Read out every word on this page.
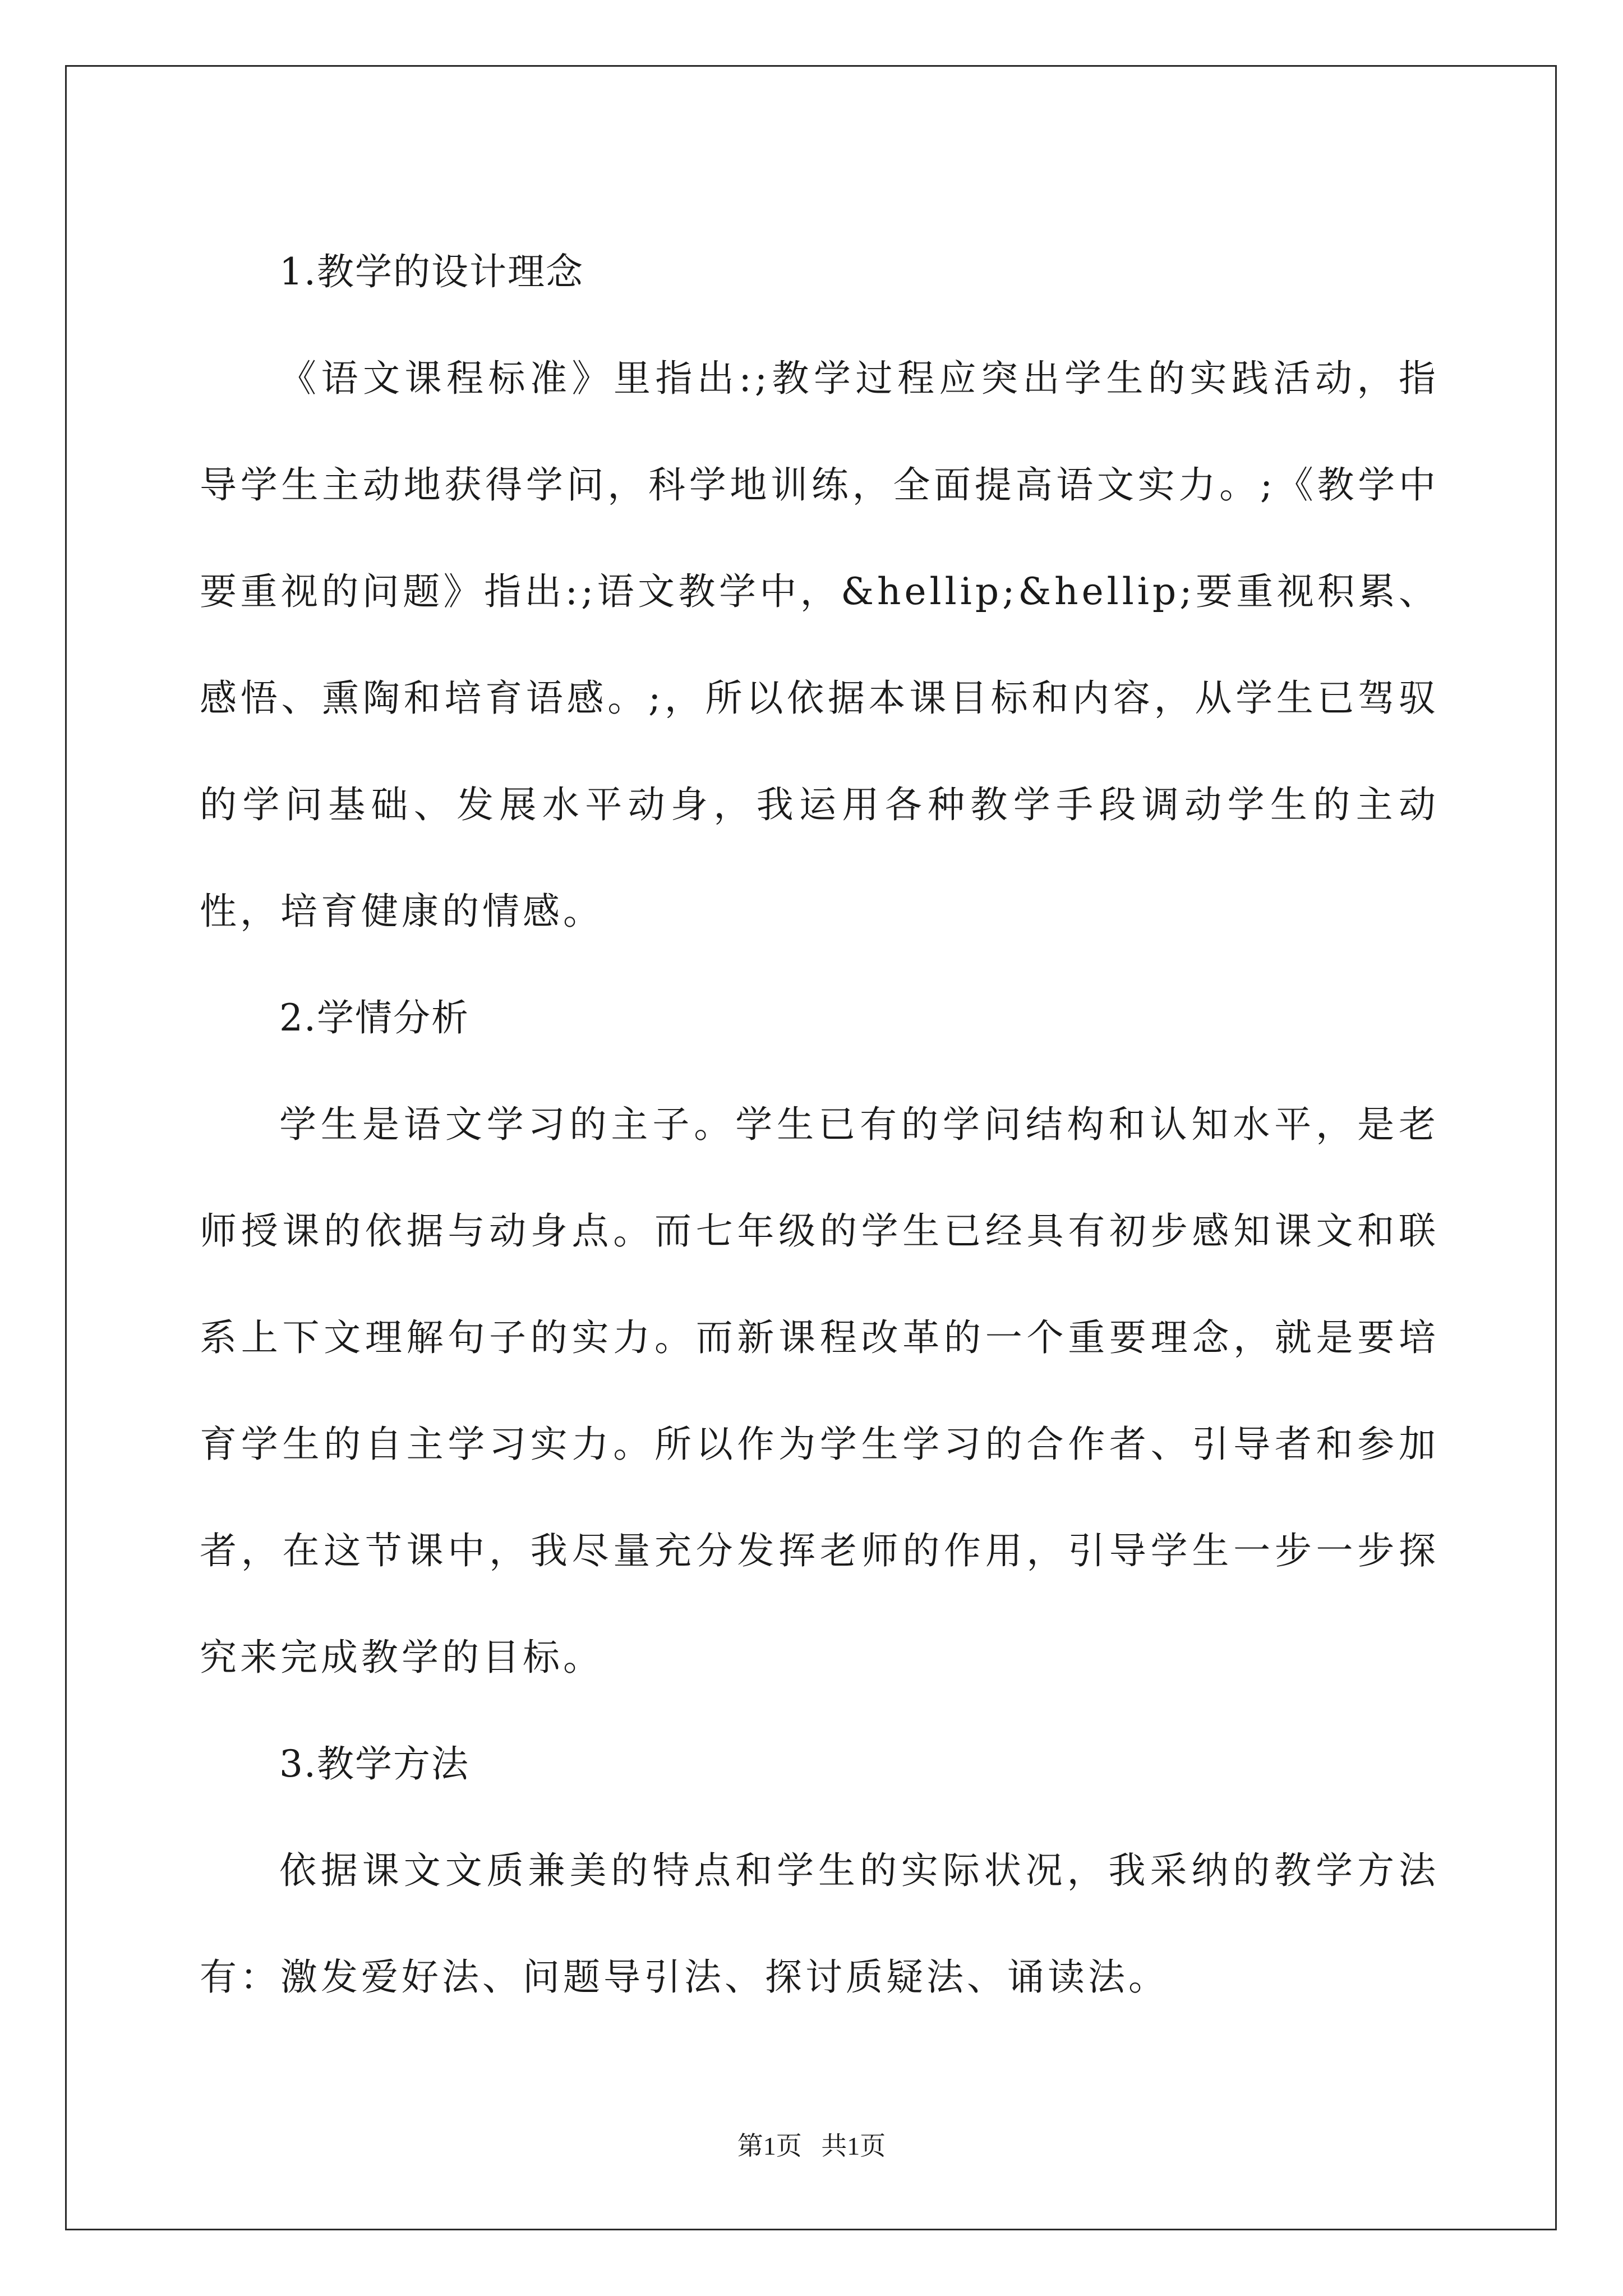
1.教学的设计理念

《语文课程标准》里指出:;教学过程应突出学生的实践活动，指导学生主动地获得学问，科学地训练，全面提高语文实力。;《教学中要重视的问题》指出:;语文教学中，&hellip;&hellip;要重视积累、感悟、熏陶和培育语感。;，所以依据本课目标和内容，从学生已驾驭的学问基础、发展水平动身，我运用各种教学手段调动学生的主动性，培育健康的情感。

2.学情分析

学生是语文学习的主子。学生已有的学问结构和认知水平，是老师授课的依据与动身点。而七年级的学生已经具有初步感知课文和联系上下文理解句子的实力。而新课程改革的一个重要理念，就是要培育学生的自主学习实力。所以作为学生学习的合作者、引导者和参加者，在这节课中，我尽量充分发挥老师的作用，引导学生一步一步探究来完成教学的目标。

3.教学方法

依据课文文质兼美的特点和学生的实际状况，我采纳的教学方法有：激发爱好法、问题导引法、探讨质疑法、诵读法。

第1页 共1页
